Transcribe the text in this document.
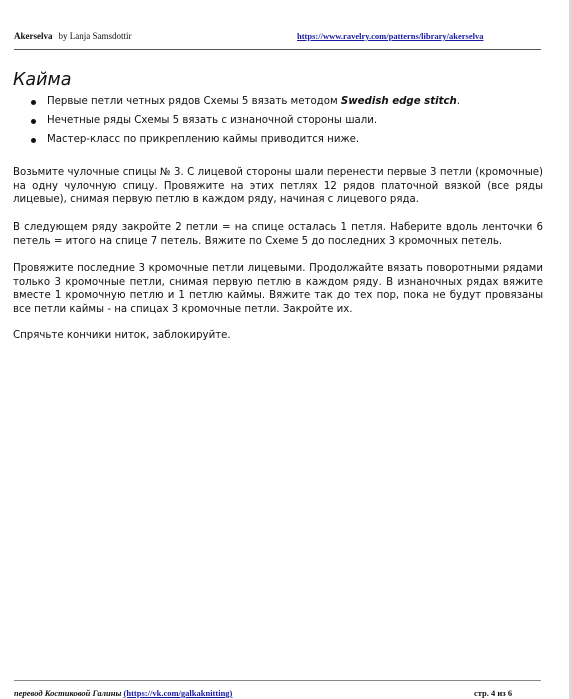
Akerselva by Lanja Samsdottir	https://www.ravelry.com/patterns/library/akerselva
Кайма
Первые петли четных рядов Схемы 5 вязать методом Swedish edge stitch.
Нечетные ряды Схемы 5 вязать с изнаночной стороны шали.
Мастер-класс по прикреплению каймы приводится ниже.

Возьмите чулочные спицы № 3. С лицевой стороны шали перенести первые 3 петли (кромочные) на одну чулочную спицу. Провяжите на этих петлях 12 рядов платочной вязкой (все ряды лицевые), снимая первую петлю в каждом ряду, начиная с лицевого ряда.

В следующем ряду закройте 2 петли = на спице осталась 1 петля. Наберите вдоль ленточки 6 петель = итого на спице 7 петель. Вяжите по Схеме 5 до последних 3 кромочных петель.

Провяжите последние 3 кромочные петли лицевыми. Продолжайте вязать поворотными рядами только 3 кромочные петли, снимая первую петлю в каждом ряду. В изнаночных рядах вяжите вместе 1 кромочную петлю и 1 петлю каймы. Вяжите так до тех пор, пока не будут провязаны все петли каймы - на спицах 3 кромочные петли. Закройте их.

Спрячьте кончики ниток, заблокируйте.

перевод Костиковой Галины (https://vk.com/galkaknitting)	стр. 4 из 6
